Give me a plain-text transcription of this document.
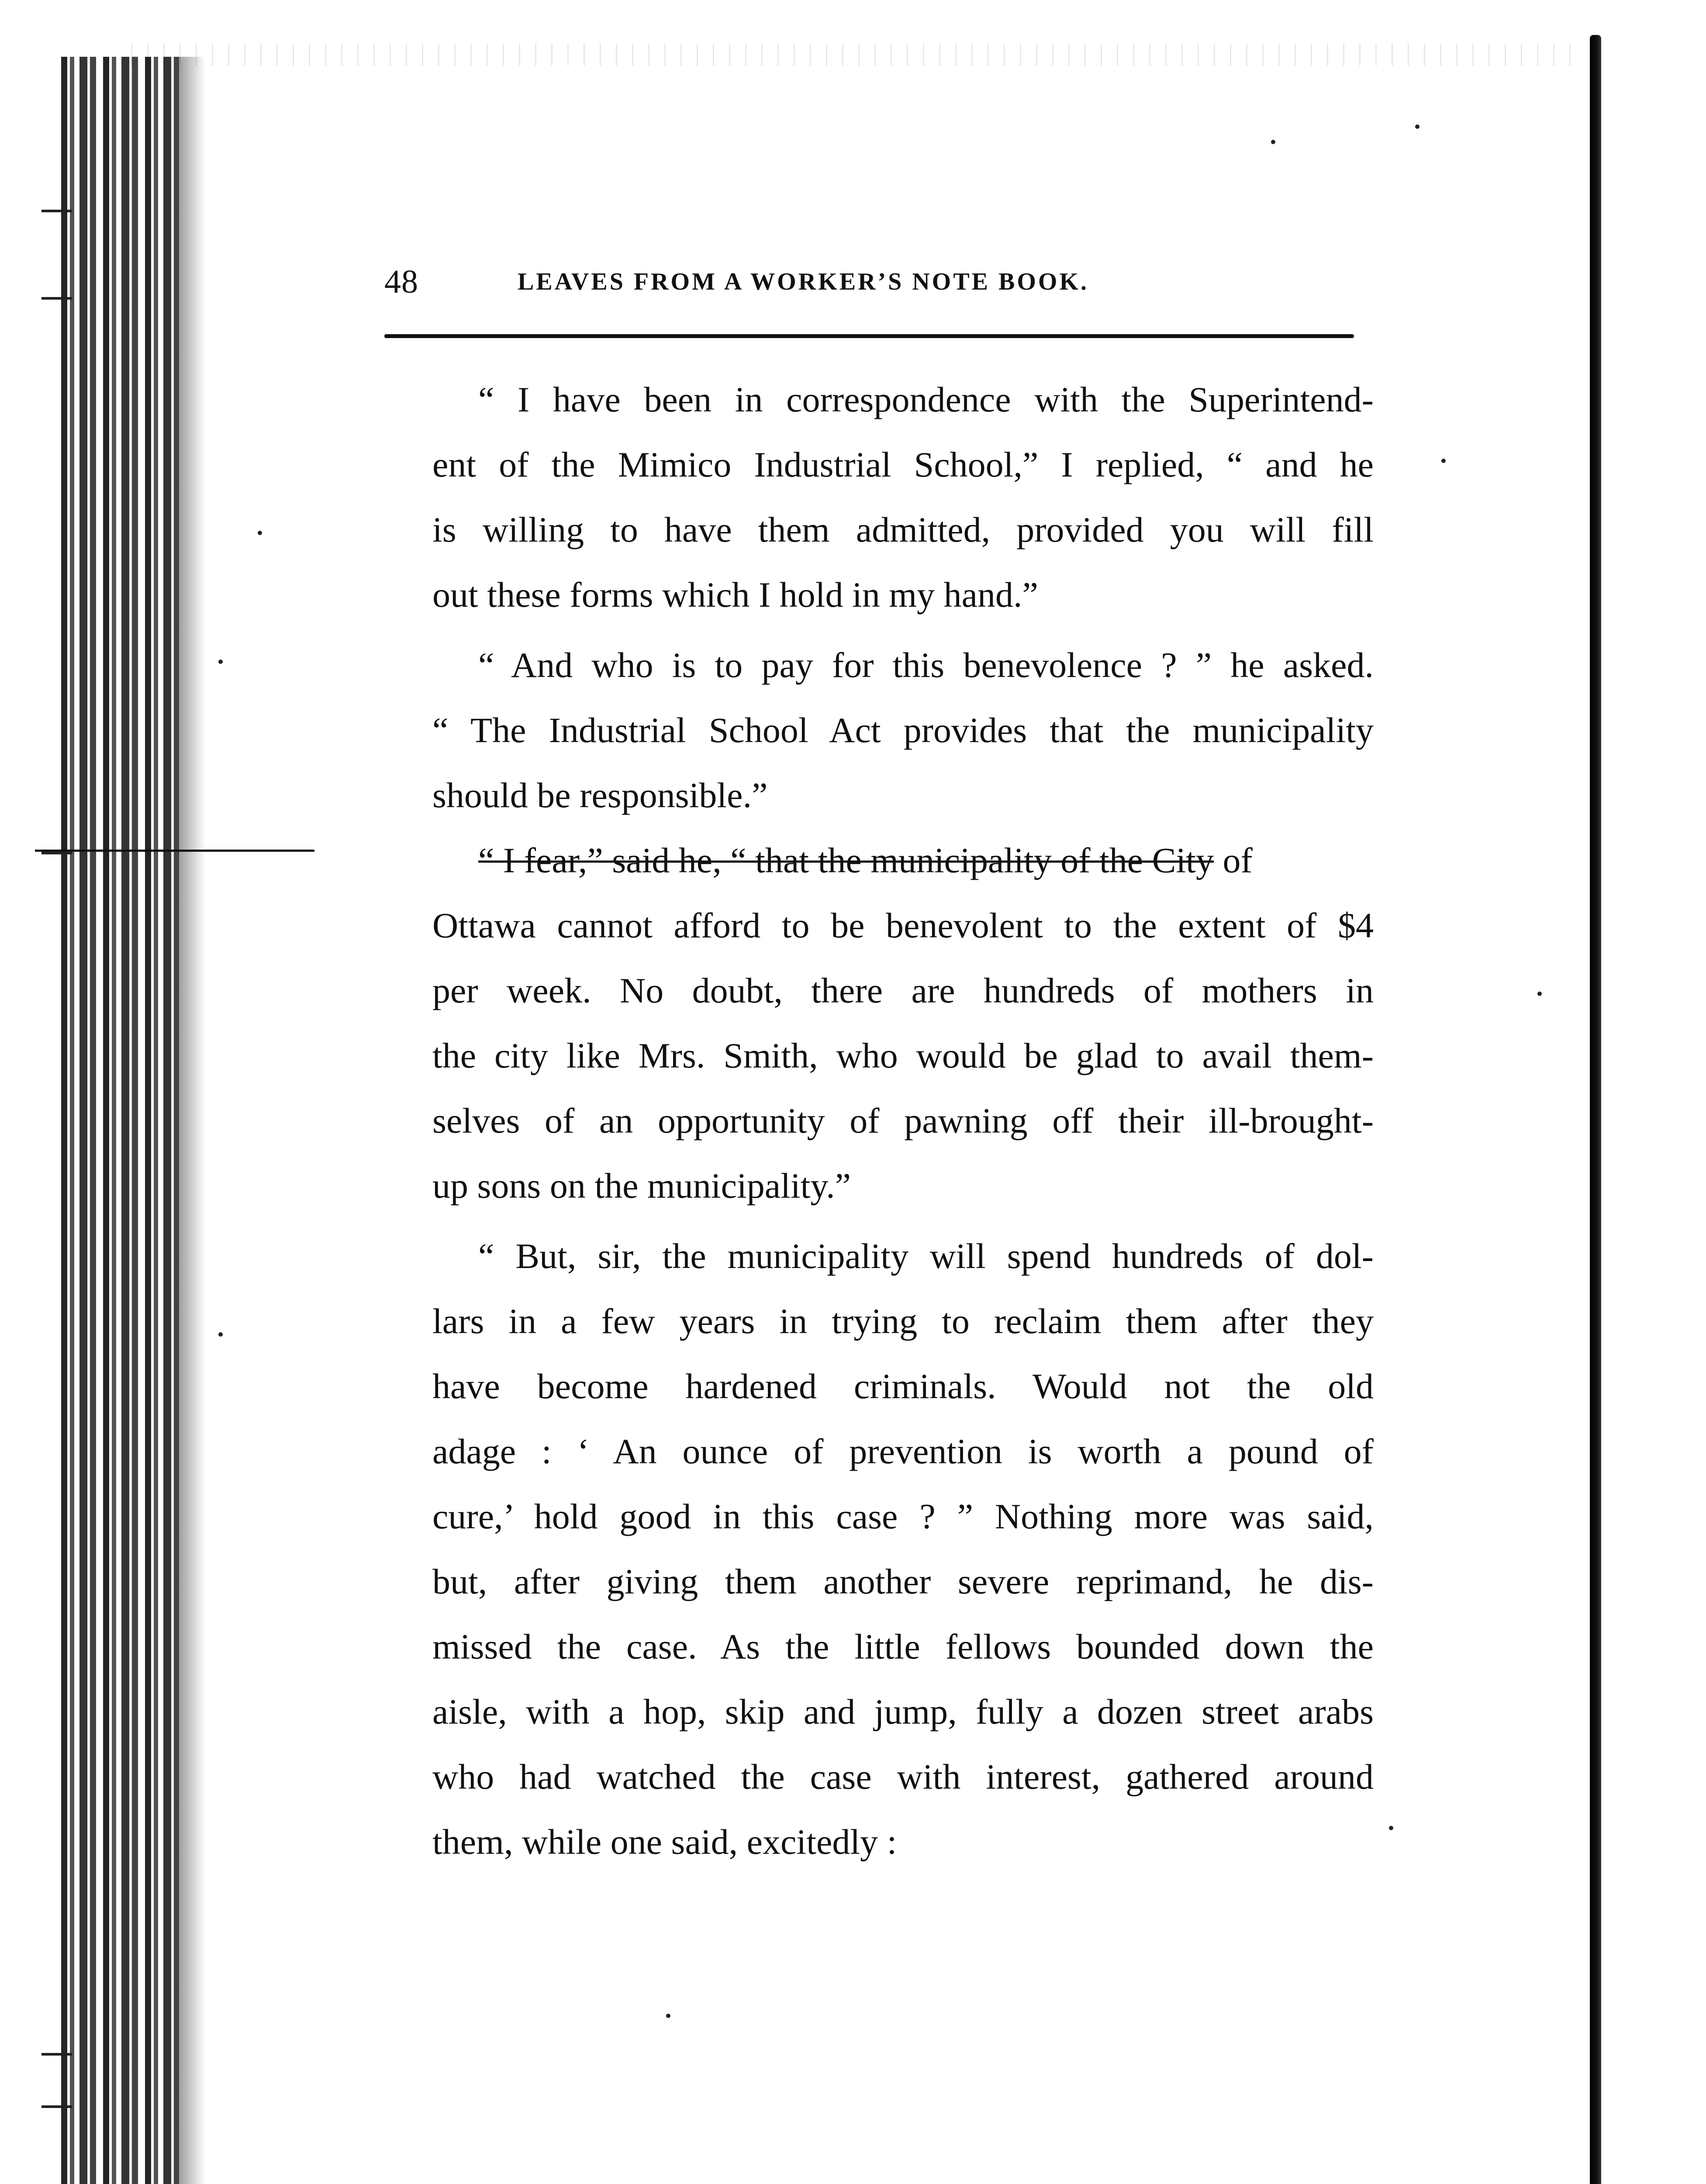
48	LEAVES FROM A WORKER’S NOTE BOOK.
“ I have been in correspondence with the Superintend-
ent of the Mimico Industrial School,” I replied, “ and he
is willing to have them admitted, provided you will fill
out these forms which I hold in my hand.”
“ And who is to pay for this benevolence ? ” he asked.
“ The Industrial School Act provides that the municipality
should be responsible.”
“ I fear,” said he, “ that the municipality of the City of
Ottawa cannot afford to be benevolent to the extent of $4
per week. No doubt, there are hundreds of mothers in
the city like Mrs. Smith, who would be glad to avail them-
selves of an opportunity of pawning off their ill-brought-
up sons on the municipality.”
“ But, sir, the municipality will spend hundreds of dol-
lars in a few years in trying to reclaim them after they
have become hardened criminals. Would not the old
adage : ‘ An ounce of prevention is worth a pound of
cure,’ hold good in this case ? ” Nothing more was said,
but, after giving them another severe reprimand, he dis-
missed the case. As the little fellows bounded down the
aisle, with a hop, skip and jump, fully a dozen street arabs
who had watched the case with interest, gathered around
them, while one said, excitedly :
